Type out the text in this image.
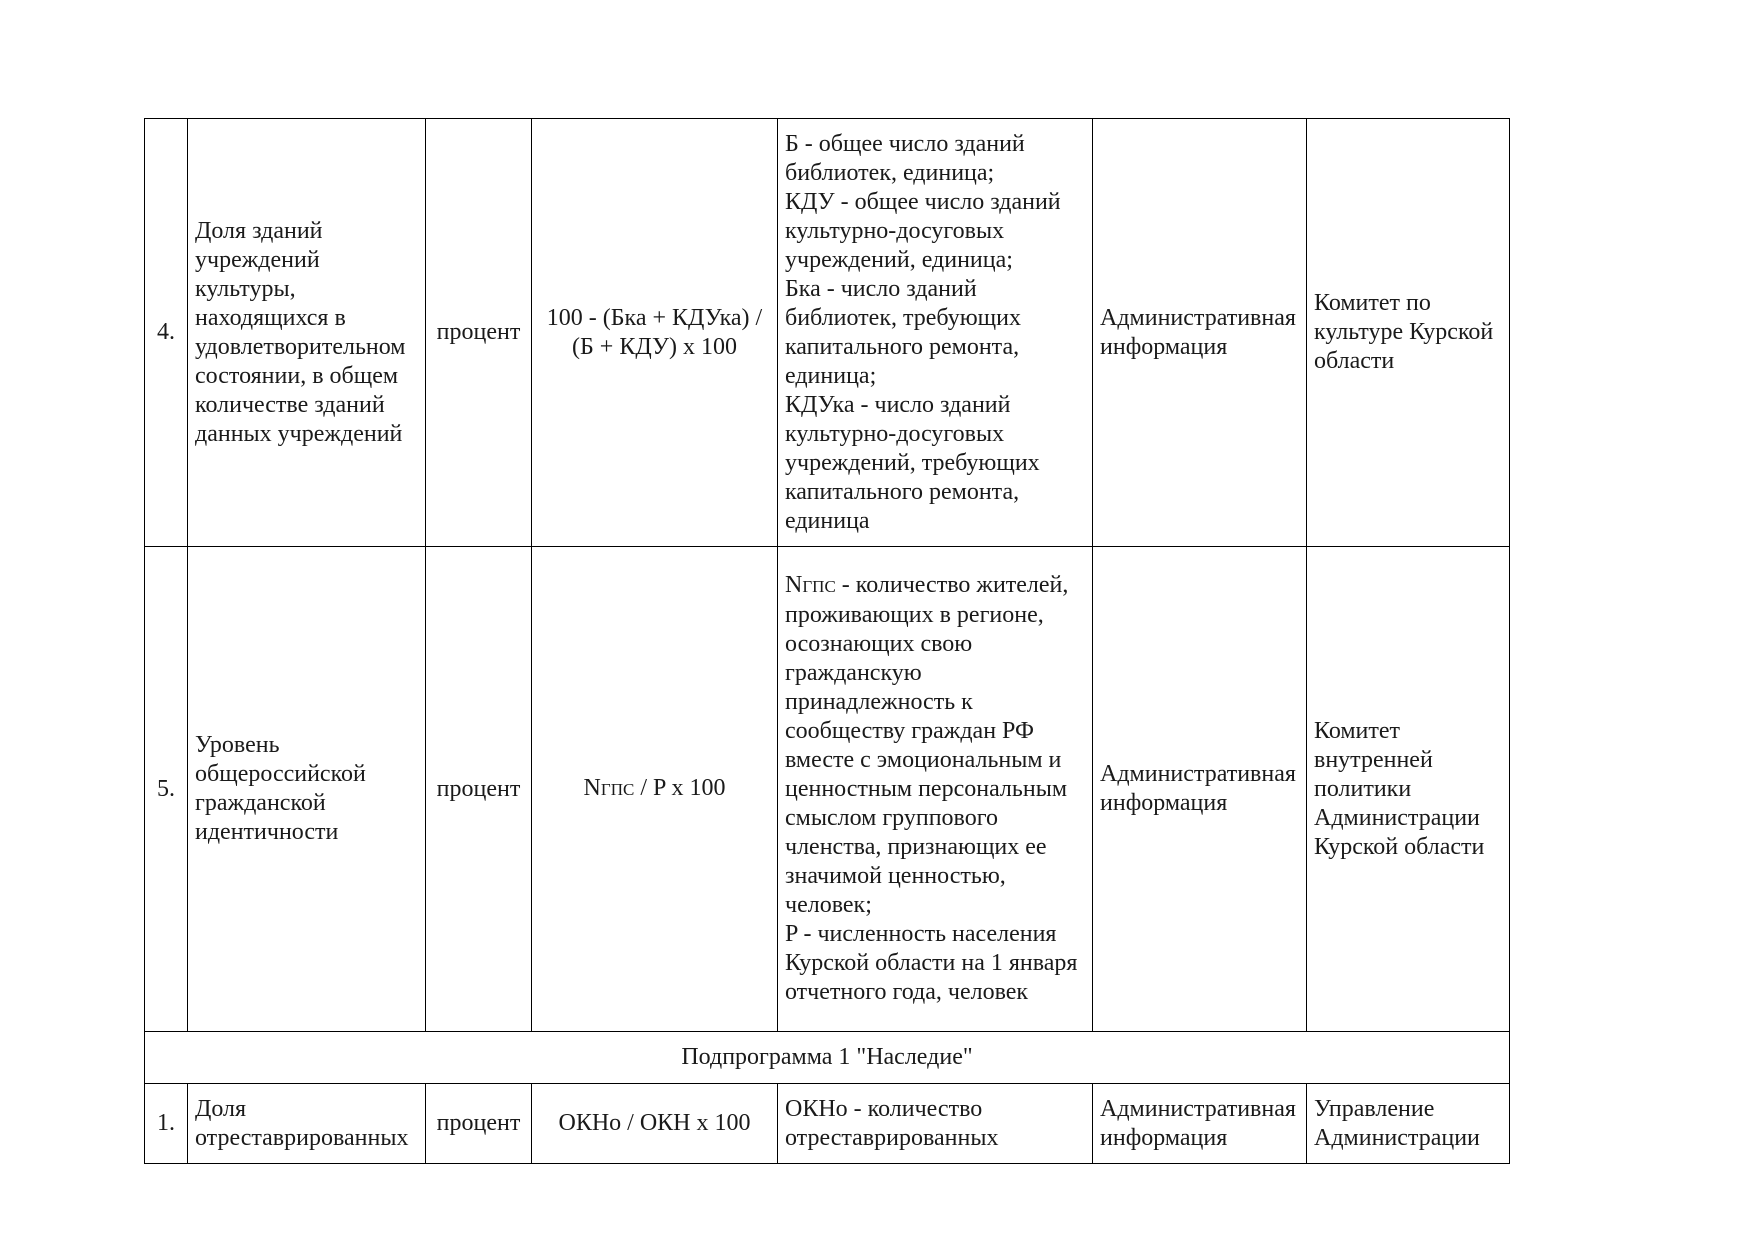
4.	Доля зданий учреждений культуры, находящихся в удовлетворительном состоянии, в общем количестве зданий данных учреждений	процент	100 - (Бка + КДУка) /
(Б + КДУ) x 100	Б - общее число зданий библиотек, единица;
КДУ - общее число зданий культурно-досуговых учреждений, единица;
Бка - число зданий библиотек, требующих капитального ремонта, единица;
КДУка - число зданий культурно-досуговых учреждений, требующих капитального ремонта, единица	Административная информация	Комитет по культуре Курской области
5.	Уровень общероссийской гражданской идентичности	процент	NГПС / P x 100	NГПС - количество жителей, проживающих в регионе, осознающих свою гражданскую принадлежность к сообществу граждан РФ вместе с эмоциональным и ценностным персональным смыслом группового членства, признающих ее значимой ценностью, человек;
P - численность населения Курской области на 1 января отчетного года, человек	Административная информация	Комитет внутренней политики Администрации Курской области
Подпрограмма 1 "Наследие"						
1.	Доля отреставрированных	процент	ОКНо / ОКН x 100	ОКНо - количество отреставрированных	Административная информация	Управление Администрации
